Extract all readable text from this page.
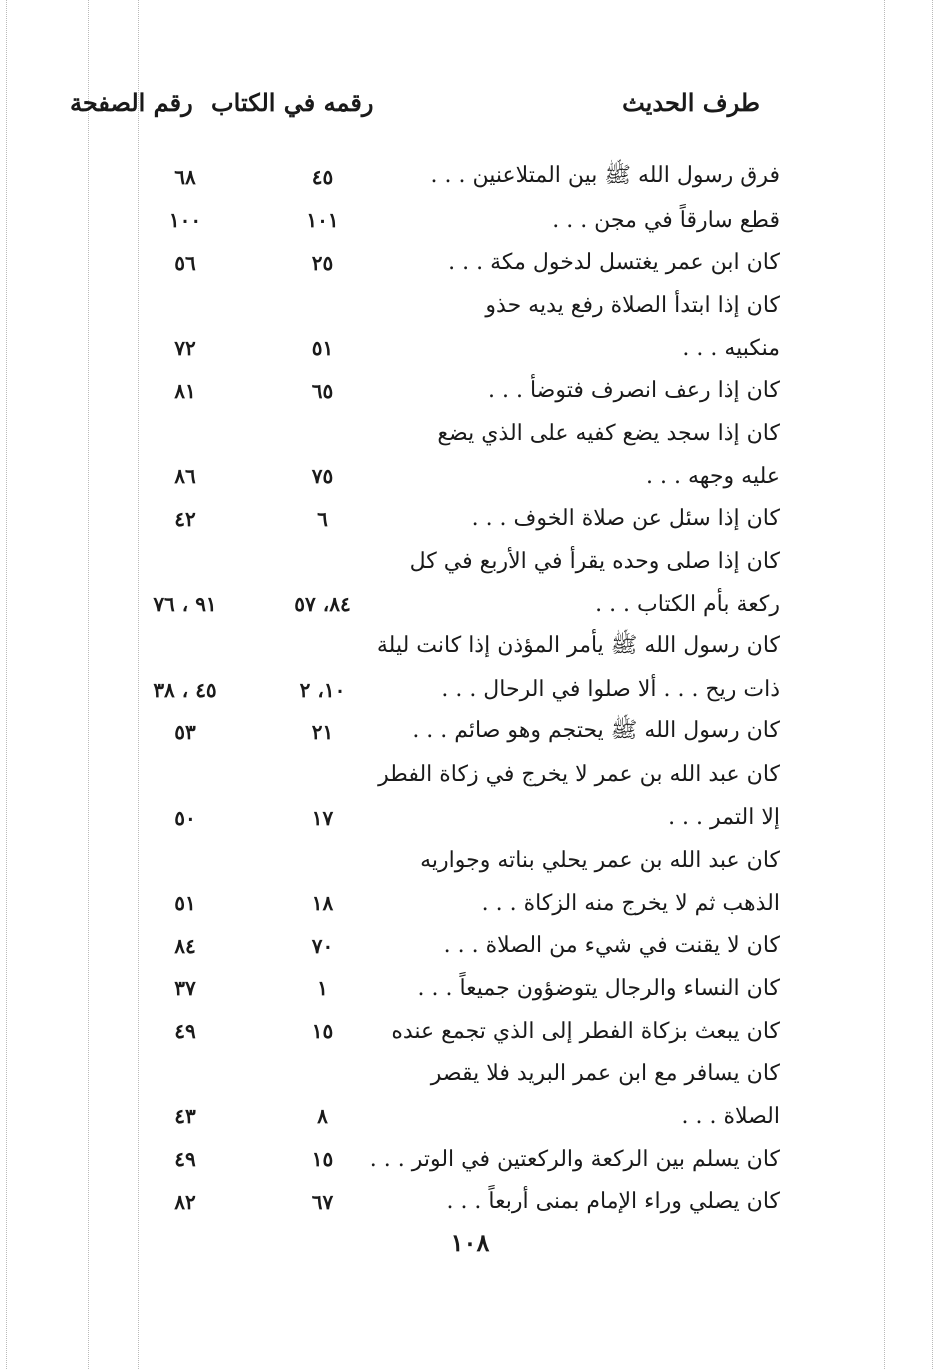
طرف الحديث
رقمه في الكتاب رقم الصفحة
فرق رسول الله ﷺ بين المتلاعنين . . .
٤٥
٦٨
قطع سارقاً في مجن . . .
١٠١
١٠٠
كان ابن عمر يغتسل لدخول مكة . . .
٢٥
٥٦
كان إذا ابتدأ الصلاة رفع يديه حذو
منكبيه . . .
٥١
٧٢
كان إذا رعف انصرف فتوضأ . . .
٦٥
٨١
كان إذا سجد يضع كفيه على الذي يضع
عليه وجهه . . .
٧٥
٨٦
كان إذا سئل عن صلاة الخوف . . .
٦
٤٢
كان إذا صلى وحده يقرأ في الأربع في كل
ركعة بأم الكتاب . . .
٨٤، ٥٧
٩١ ، ٧٦
كان رسول الله ﷺ يأمر المؤذن إذا كانت ليلة
ذات ريح . . . ألا صلوا في الرحال . . .
١٠، ٢
٤٥ ، ٣٨
كان رسول الله ﷺ يحتجم وهو صائم . . .
٢١
٥٣
كان عبد الله بن عمر لا يخرج في زكاة الفطر
إلا التمر . . .
١٧
٥٠
كان عبد الله بن عمر يحلي بناته وجواريه
الذهب ثم لا يخرج منه الزكاة . . .
١٨
٥١
كان لا يقنت في شيء من الصلاة . . .
٧٠
٨٤
كان النساء والرجال يتوضؤون جميعاً . . .
١
٣٧
كان يبعث بزكاة الفطر إلى الذي تجمع عنده
١٥
٤٩
كان يسافر مع ابن عمر البريد فلا يقصر
الصلاة . . .
٨
٤٣
كان يسلم بين الركعة والركعتين في الوتر . . .
١٥
٤٩
كان يصلي وراء الإمام بمنى أربعاً . . .
٦٧
٨٢
١٠٨
